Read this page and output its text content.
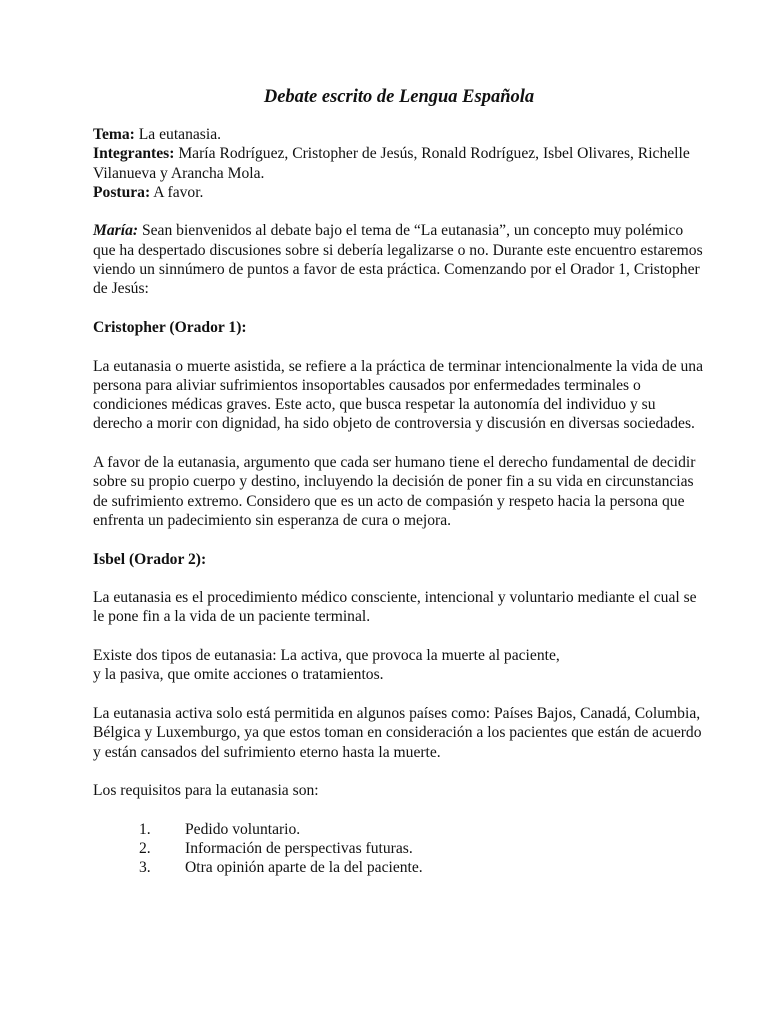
Debate escrito de Lengua Española

Tema: La eutanasia.

Integrantes: María Rodríguez, Cristopher de Jesús, Ronald Rodríguez, Isbel Olivares, Richelle Vilanueva y Arancha Mola.

Postura: A favor.

María: Sean bienvenidos al debate bajo el tema de “La eutanasia”, un concepto muy polémico que ha despertado discusiones sobre si debería legalizarse o no. Durante este encuentro estaremos viendo un sinnúmero de puntos a favor de esta práctica. Comenzando por el Orador 1, Cristopher de Jesús:

Cristopher (Orador 1):

La eutanasia o muerte asistida, se refiere a la práctica de terminar intencionalmente la vida de una persona para aliviar sufrimientos insoportables causados por enfermedades terminales o condiciones médicas graves. Este acto, que busca respetar la autonomía del individuo y su derecho a morir con dignidad, ha sido objeto de controversia y discusión en diversas sociedades.

A favor de la eutanasia, argumento que cada ser humano tiene el derecho fundamental de decidir sobre su propio cuerpo y destino, incluyendo la decisión de poner fin a su vida en circunstancias de sufrimiento extremo. Considero que es un acto de compasión y respeto hacia la persona que enfrenta un padecimiento sin esperanza de cura o mejora.

Isbel (Orador 2):

La eutanasia es el procedimiento médico consciente, intencional y voluntario mediante el cual se le pone fin a la vida de un paciente terminal.

Existe dos tipos de eutanasia: La activa, que provoca la muerte al paciente,
y la pasiva, que omite acciones o tratamientos.

La eutanasia activa solo está permitida en algunos países como: Países Bajos, Canadá, Columbia, Bélgica y Luxemburgo, ya que estos toman en consideración a los pacientes que están de acuerdo y están cansados del sufrimiento eterno hasta la muerte.

Los requisitos para la eutanasia son:

1.	Pedido voluntario.
2.	Información de perspectivas futuras.
3.	Otra opinión aparte de la del paciente.
